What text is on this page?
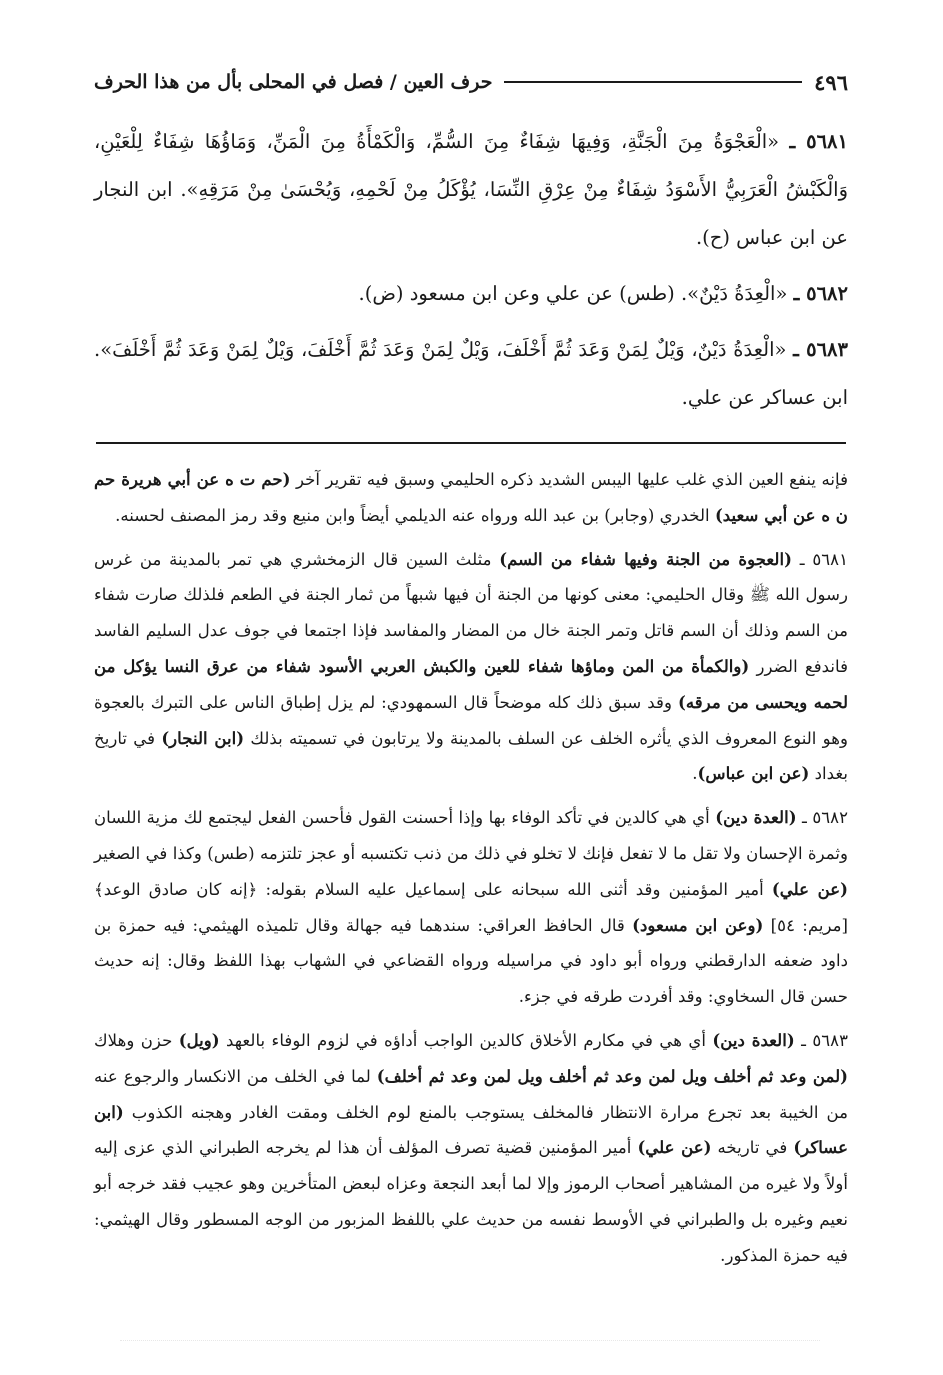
٤٩٦
حرف العين / فصل في المحلى بأل من هذا الحرف

٥٦٨١ ـ «الْعَجْوَةُ مِنَ الْجَنَّةِ، وَفِيهَا شِفَاءٌ مِنَ السُّمِّ، وَالْكَمْأَةُ مِنَ الْمَنِّ، وَمَاؤُهَا شِفَاءٌ لِلْعَيْنِ، وَالْكَبْشُ الْعَرَبِيُّ الأَسْوَدُ شِفَاءٌ مِنْ عِرْقِ النِّسَا، يُؤْكَلُ مِنْ لَحْمِهِ، وَيُحْسَىٰ مِنْ مَرَقِهِ». ابن النجار عن ابن عباس (ح).

٥٦٨٢ ـ «الْعِدَةُ دَيْنٌ». (طس) عن علي وعن ابن مسعود (ض).

٥٦٨٣ ـ «الْعِدَةُ دَيْنٌ، وَيْلٌ لِمَنْ وَعَدَ ثُمَّ أَخْلَفَ، وَيْلٌ لِمَنْ وَعَدَ ثُمَّ أَخْلَفَ، وَيْلٌ لِمَنْ وَعَدَ ثُمَّ أَخْلَفَ». ابن عساكر عن علي.

فإنه ينفع العين الذي غلب عليها اليبس الشديد ذكره الحليمي وسبق فيه تقرير آخر (حم ت ه عن أبي هريرة حم ن ه عن أبي سعيد) الخدري (وجابر) بن عبد الله ورواه عنه الديلمي أيضاً وابن منيع وقد رمز المصنف لحسنه.

٥٦٨١ ـ (العجوة من الجنة وفيها شفاء من السم) مثلث السين قال الزمخشري هي تمر بالمدينة من غرس رسول الله ﷺ وقال الحليمي: معنى كونها من الجنة أن فيها شبهاً من ثمار الجنة في الطعم فلذلك صارت شفاء من السم وذلك أن السم قاتل وتمر الجنة خال من المضار والمفاسد فإذا اجتمعا في جوف عدل السليم الفاسد فاندفع الضرر (والكمأة من المن وماؤها شفاء للعين والكبش العربي الأسود شفاء من عرق النسا يؤكل من لحمه ويحسى من مرقه) وقد سبق ذلك كله موضحاً قال السمهودي: لم يزل إطباق الناس على التبرك بالعجوة وهو النوع المعروف الذي يأثره الخلف عن السلف بالمدينة ولا يرتابون في تسميته بذلك (ابن النجار) في تاريخ بغداد (عن ابن عباس).

٥٦٨٢ ـ (العدة دين) أي هي كالدين في تأكد الوفاء بها وإذا أحسنت القول فأحسن الفعل ليجتمع لك مزية اللسان وثمرة الإحسان ولا تقل ما لا تفعل فإنك لا تخلو في ذلك من ذنب تكتسبه أو عجز تلتزمه (طس) وكذا في الصغير (عن علي) أمير المؤمنين وقد أثنى الله سبحانه على إسماعيل عليه السلام بقوله: ﴿إنه كان صادق الوعد﴾ [مريم: ٥٤] (وعن ابن مسعود) قال الحافظ العراقي: سندهما فيه جهالة وقال تلميذه الهيثمي: فيه حمزة بن داود ضعفه الدارقطني ورواه أبو داود في مراسيله ورواه القضاعي في الشهاب بهذا اللفظ وقال: إنه حديث حسن قال السخاوي: وقد أفردت طرقه في جزء.

٥٦٨٣ ـ (العدة دين) أي هي في مكارم الأخلاق كالدين الواجب أداؤه في لزوم الوفاء بالعهد (ويل) حزن وهلاك (لمن وعد ثم أخلف ويل لمن وعد ثم أخلف ويل لمن وعد ثم أخلف) لما في الخلف من الانكسار والرجوع عنه من الخيبة بعد تجرع مرارة الانتظار فالمخلف يستوجب بالمنع لوم الخلف ومقت الغادر وهجنه الكذوب (ابن عساكر) في تاريخه (عن علي) أمير المؤمنين قضية تصرف المؤلف أن هذا لم يخرجه الطبراني الذي عزى إليه أولاً ولا غيره من المشاهير أصحاب الرموز وإلا لما أبعد النجعة وعزاه لبعض المتأخرين وهو عجيب فقد خرجه أبو نعيم وغيره بل والطبراني في الأوسط نفسه من حديث علي باللفظ المزبور من الوجه المسطور وقال الهيثمي: فيه حمزة المذكور.
